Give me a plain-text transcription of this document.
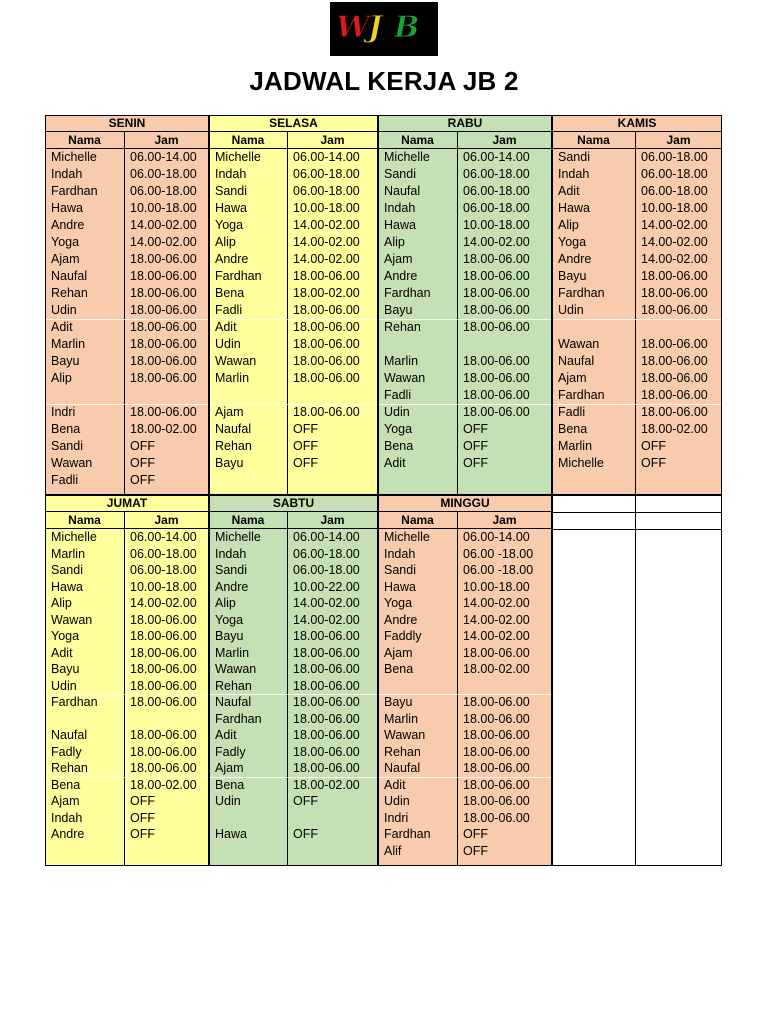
W
J B
JADWAL KERJA JB 2
SENIN
Nama	Jam
Michelle	06.00-14.00
Indah	06.00-18.00
Fardhan	06.00-18.00
Hawa	10.00-18.00
Andre	14.00-02.00
Yoga	14.00-02.00
Ajam	18.00-06.00
Naufal	18.00-06.00
Rehan	18.00-06.00
Udin	18.00-06.00
Adit	18.00-06.00
Marlin	18.00-06.00
Bayu	18.00-06.00
Alip	18.00-06.00
Indri	18.00-06.00
Bena	18.00-02.00
Sandi	OFF
Wawan	OFF
Fadli	OFF
SELASA
Nama	Jam
Michelle	06.00-14.00
Indah	06.00-18.00
Sandi	06.00-18.00
Hawa	10.00-18.00
Yoga	14.00-02.00
Alip	14.00-02.00
Andre	14.00-02.00
Fardhan	18.00-06.00
Bena	18.00-02.00
Fadli	18.00-06.00
Adit	18.00-06.00
Udin	18.00-06.00
Wawan	18.00-06.00
Marlin	18.00-06.00
Ajam	18.00-06.00
Naufal	OFF
Rehan	OFF
Bayu	OFF
RABU
Nama	Jam
Michelle	06.00-14.00
Sandi	06.00-18.00
Naufal	06.00-18.00
Indah	06.00-18.00
Hawa	10.00-18.00
Alip	14.00-02.00
Ajam	18.00-06.00
Andre	18.00-06.00
Fardhan	18.00-06.00
Bayu	18.00-06.00
Rehan	18.00-06.00
Marlin	18.00-06.00
Wawan	18.00-06.00
Fadli	18.00-06.00
Udin	18.00-06.00
Yoga	OFF
Bena	OFF
Adit	OFF
KAMIS
Nama	Jam
Sandi	06.00-18.00
Indah	06.00-18.00
Adit	06.00-18.00
Hawa	10.00-18.00
Alip	14.00-02.00
Yoga	14.00-02.00
Andre	14.00-02.00
Bayu	18.00-06.00
Fardhan	18.00-06.00
Udin	18.00-06.00
Wawan	18.00-06.00
Naufal	18.00-06.00
Ajam	18.00-06.00
Fardhan	18.00-06.00
Fadli	18.00-06.00
Bena	18.00-02.00
Marlin	OFF
Michelle	OFF
JUMAT
Nama	Jam
Michelle	06.00-14.00
Marlin	06.00-18.00
Sandi	06.00-18.00
Hawa	10.00-18.00
Alip	14.00-02.00
Wawan	18.00-06.00
Yoga	18.00-06.00
Adit	18.00-06.00
Bayu	18.00-06.00
Udin	18.00-06.00
Fardhan	18.00-06.00
Naufal	18.00-06.00
Fadly	18.00-06.00
Rehan	18.00-06.00
Bena	18.00-02.00
Ajam	OFF
Indah	OFF
Andre	OFF
SABTU
Nama	Jam
Michelle	06.00-14.00
Indah	06.00-18.00
Sandi	06.00-18.00
Andre	10.00-22.00
Alip	14.00-02.00
Yoga	14.00-02.00
Bayu	18.00-06.00
Marlin	18.00-06.00
Wawan	18.00-06.00
Rehan	18.00-06.00
Naufal	18.00-06.00
Fardhan	18.00-06.00
Adit	18.00-06.00
Fadly	18.00-06.00
Ajam	18.00-06.00
Bena	18.00-02.00
Udin	OFF
Hawa	OFF
MINGGU
Nama	Jam
Michelle	06.00-14.00
Indah	06.00 -18.00
Sandi	06.00 -18.00
Hawa	10.00-18.00
Yoga	14.00-02.00
Andre	14.00-02.00
Faddly	14.00-02.00
Ajam	18.00-06.00
Bena	18.00-02.00
Bayu	18.00-06.00
Marlin	18.00-06.00
Wawan	18.00-06.00
Rehan	18.00-06.00
Naufal	18.00-06.00
Adit	18.00-06.00
Udin	18.00-06.00
Indri	18.00-06.00
Fardhan	OFF
Alif	OFF
